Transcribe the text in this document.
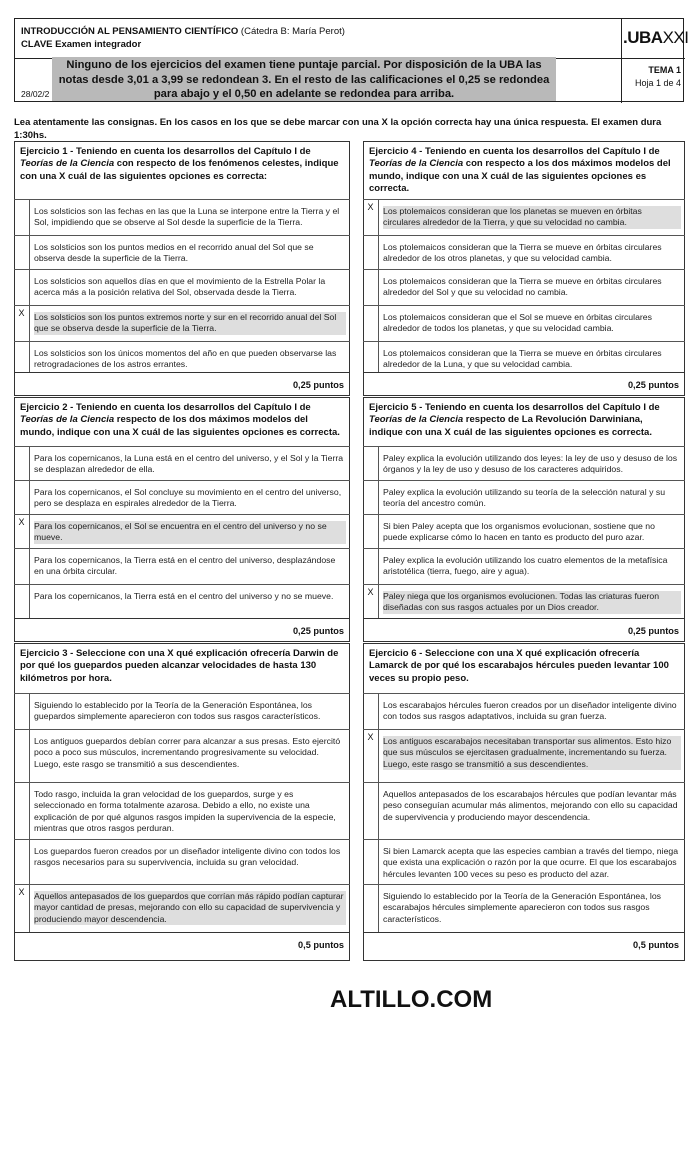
INTRODUCCIÓN AL PENSAMIENTO CIENTÍFICO (Cátedra B: María Perot)
CLAVE Examen integrador
28/02/2
.UBAXXI
TEMA 1
Hoja 1 de 4
Ninguno de los ejercicios del examen tiene puntaje parcial. Por disposición de la UBA las notas desde 3,01 a 3,99 se redondean 3. En el resto de las calificaciones el 0,25 se redondea para abajo y el 0,50 en adelante se redondea para arriba.
Lea atentamente las consignas. En los casos en los que se debe marcar con una X la opción correcta hay una única respuesta. El examen dura 1:30hs.
Ejercicio 1 - Teniendo en cuenta los desarrollos del Capítulo I de Teorías de la Ciencia con respecto de los fenómenos celestes, indique con una X cuál de las siguientes opciones es correcta:
Los solsticios son las fechas en las que la Luna se interpone entre la Tierra y el Sol, impidiendo que se observe al Sol desde la superficie de la Tierra.
Los solsticios son los puntos medios en el recorrido anual del Sol que se observa desde la superficie de la Tierra.
Los solsticios son aquellos días en que el movimiento de la Estrella Polar la acerca más a la posición relativa del Sol, observada desde la Tierra.
X	Los solsticios son los puntos extremos norte y sur en el recorrido anual del Sol que se observa desde la superficie de la Tierra.
Los solsticios son los únicos momentos del año en que pueden observarse las retrogradaciones de los astros errantes.
0,25 puntos
Ejercicio 4 - Teniendo en cuenta los desarrollos del Capítulo I de Teorías de la Ciencia con respecto a los dos máximos modelos del mundo, indique con una X cuál de las siguientes opciones es correcta.
X	Los ptolemaicos consideran que los planetas se mueven en órbitas circulares alrededor de la Tierra, y que su velocidad no cambia.
Los ptolemaicos consideran que la Tierra se mueve en órbitas circulares alrededor de los otros planetas, y que su velocidad cambia.
Los ptolemaicos consideran que la Tierra se mueve en órbitas circulares alrededor del Sol y que su velocidad no cambia.
Los ptolemaicos consideran que el Sol se mueve en órbitas circulares alrededor de todos los planetas, y que su velocidad cambia.
Los ptolemaicos consideran que la Tierra se mueve en órbitas circulares alrededor de la Luna, y que su velocidad cambia.
0,25 puntos
Ejercicio 2 - Teniendo en cuenta los desarrollos del Capítulo I de Teorías de la Ciencia respecto de los dos máximos modelos del mundo, indique con una X cuál de las siguientes opciones es correcta.
Para los copernicanos, la Luna está en el centro del universo, y el Sol y la Tierra se desplazan alrededor de ella.
Para los copernicanos, el Sol concluye su movimiento en el centro del universo, pero se desplaza en espirales alrededor de la Tierra.
X	Para los copernicanos, el Sol se encuentra en el centro del universo y no se mueve.
Para los copernicanos, la Tierra está en el centro del universo, desplazándose en una órbita circular.
Para los copernicanos, la Tierra está en el centro del universo y no se mueve.
0,25 puntos
Ejercicio 5 - Teniendo en cuenta los desarrollos del Capítulo I de Teorías de la Ciencia respecto de La Revolución Darwiniana, indique con una X cuál de las siguientes opciones es correcta.
Paley explica la evolución utilizando dos leyes: la ley de uso y desuso de los órganos y la ley de uso y desuso de los caracteres adquiridos.
Paley explica la evolución utilizando su teoría de la selección natural y su teoría del ancestro común.
Si bien Paley acepta que los organismos evolucionan, sostiene que no puede explicarse cómo lo hacen en tanto es producto del puro azar.
Paley explica la evolución utilizando los cuatro elementos de la metafísica aristotélica (tierra, fuego, aire y agua).
X	Paley niega que los organismos evolucionen. Todas las criaturas fueron diseñadas con sus rasgos actuales por un Dios creador.
0,25 puntos
Ejercicio 3 - Seleccione con una X qué explicación ofrecería Darwin de por qué los guepardos pueden alcanzar velocidades de hasta 130 kilómetros por hora.
Siguiendo lo establecido por la Teoría de la Generación Espontánea, los guepardos simplemente aparecieron con todos sus rasgos característicos.
Los antiguos guepardos debían correr para alcanzar a sus presas. Esto ejercitó poco a poco sus músculos, incrementando progresivamente su velocidad. Luego, este rasgo se transmitió a sus descendientes.
Todo rasgo, incluida la gran velocidad de los guepardos, surge y es seleccionado en forma totalmente azarosa. Debido a ello, no existe una explicación de por qué algunos rasgos impiden la supervivencia de la especie, mientras que otros rasgos perduran.
Los guepardos fueron creados por un diseñador inteligente divino con todos los rasgos necesarios para su supervivencia, incluida su gran velocidad.
X	Aquellos antepasados de los guepardos que corrían más rápido podían capturar mayor cantidad de presas, mejorando con ello su capacidad de supervivencia y produciendo mayor descendencia.
0,5 puntos
Ejercicio 6 - Seleccione con una X qué explicación ofrecería Lamarck de por qué los escarabajos hércules pueden levantar 100 veces su propio peso.
Los escarabajos hércules fueron creados por un diseñador inteligente divino con todos sus rasgos adaptativos, incluida su gran fuerza.
X	Los antiguos escarabajos necesitaban transportar sus alimentos. Esto hizo que sus músculos se ejercitasen gradualmente, incrementando su fuerza. Luego, este rasgo se transmitió a sus descendientes.
Aquellos antepasados de los escarabajos hércules que podían levantar más peso conseguían acumular más alimentos, mejorando con ello su capacidad de supervivencia y produciendo mayor descendencia.
Si bien Lamarck acepta que las especies cambian a través del tiempo, niega que exista una explicación o razón por la que ocurre. El que los escarabajos hércules levanten 100 veces su peso es producto del azar.
Siguiendo lo establecido por la Teoría de la Generación Espontánea, los escarabajos hércules simplemente aparecieron con todos sus rasgos característicos.
0,5 puntos
ALTILLO.COM
